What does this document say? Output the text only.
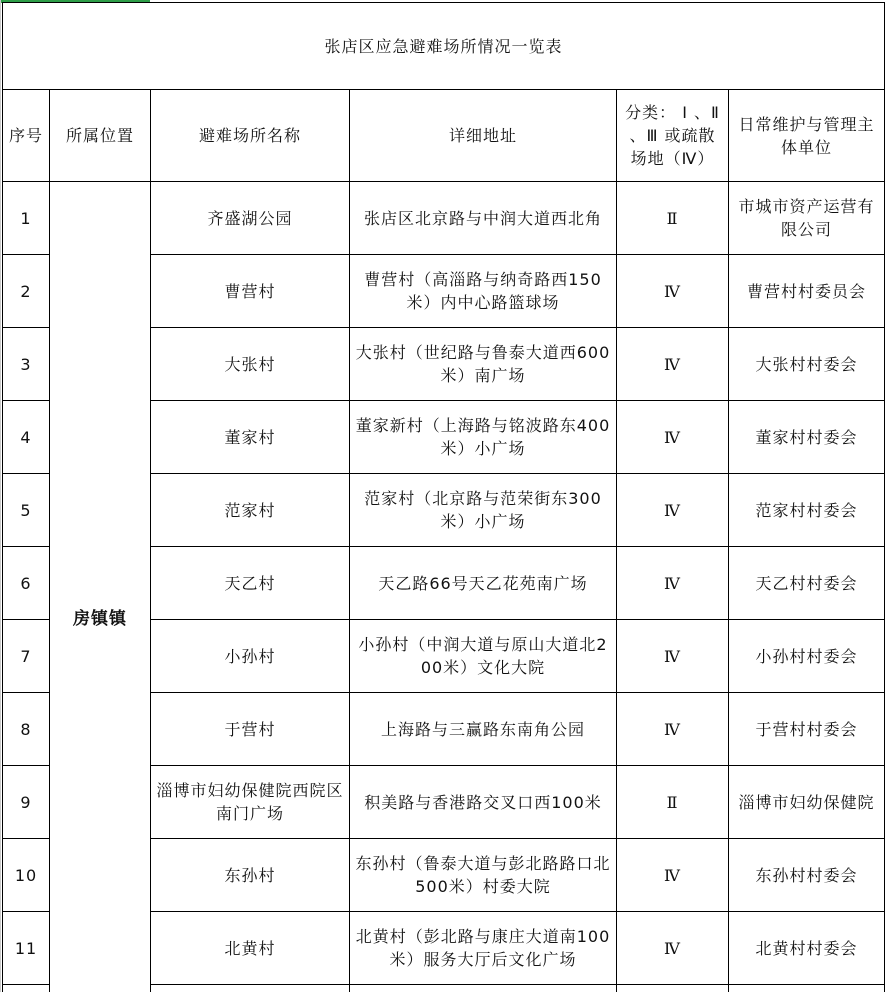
张店区应急避难场所情况一览表					
序号	所属位置	避难场所名称	详细地址	分类： Ⅰ 、Ⅱ 、Ⅲ 或疏散场地（Ⅳ）	日常维护与管理主体单位
1	房镇镇	齐盛湖公园	张店区北京路与中润大道西北角	Ⅱ	市城市资产运营有限公司
2		曹营村	曹营村（高淄路与纳奇路西150米）内中心路篮球场	Ⅳ	曹营村村委员会
3		大张村	大张村（世纪路与鲁泰大道西600米）南广场	Ⅳ	大张村村委会
4		董家村	董家新村（上海路与铭波路东400米）小广场	Ⅳ	董家村村委会
5		范家村	范家村（北京路与范荣街东300米）小广场	Ⅳ	范家村村委会
6		天乙村	天乙路66号天乙花苑南广场	Ⅳ	天乙村村委会
7		小孙村	小孙村（中润大道与原山大道北200米）文化大院	Ⅳ	小孙村村委会
8		于营村	上海路与三赢路东南角公园	Ⅳ	于营村村委会
9		淄博市妇幼保健院西院区南门广场	积美路与香港路交叉口西100米	Ⅱ	淄博市妇幼保健院
10		东孙村	东孙村（鲁泰大道与彭北路路口北500米）村委大院	Ⅳ	东孙村村委会
11		北黄村	北黄村（彭北路与康庄大道南100米）服务大厅后文化广场	Ⅳ	北黄村村委会
